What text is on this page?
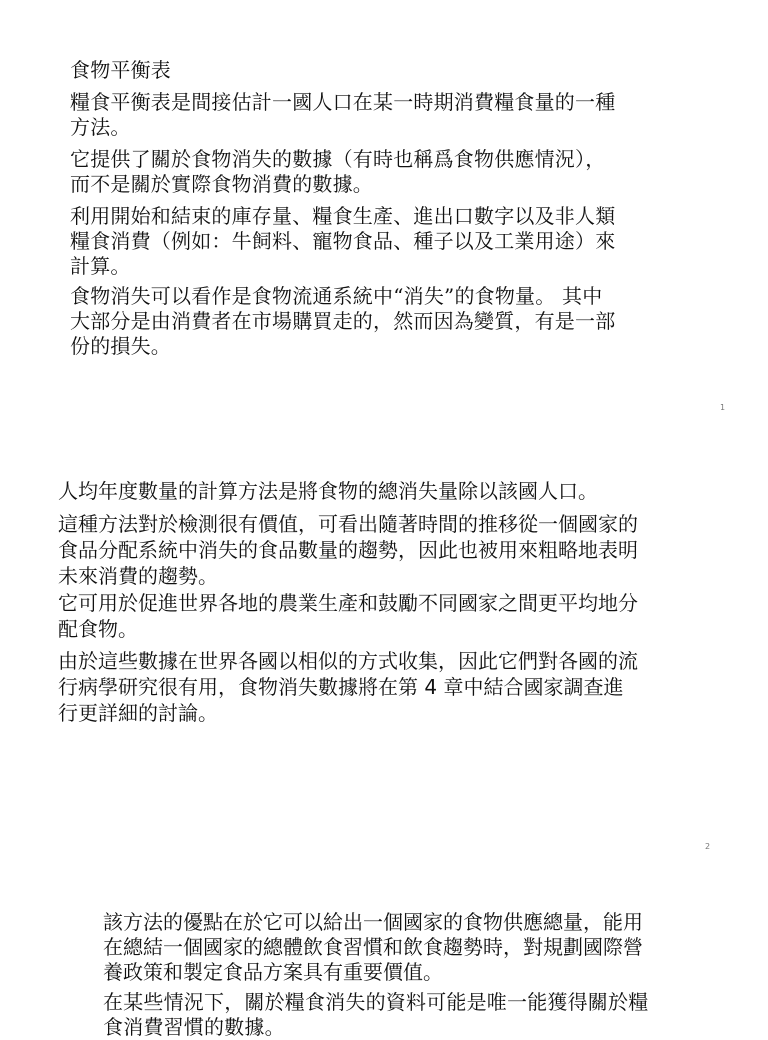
食物平衡表

糧食平衡表是間接估計一國人口在某一時期消費糧食量的一種
方法。

它提供了關於食物消失的數據（有時也稱爲食物供應情況），
而不是關於實際食物消費的數據。

利用開始和結束的庫存量、糧食生產、進出口數字以及非人類
糧食消費（例如：牛飼料、寵物食品、種子以及工業用途）來
計算。

食物消失可以看作是食物流通系統中“消失”的食物量。 其中
大部分是由消費者在市場購買走的，然而因為變質，有是一部
份的損失。

1

人均年度數量的計算方法是將食物的總消失量除以該國人口。

這種方法對於檢測很有價值，可看出隨著時間的推移從一個國家的
食品分配系統中消失的食品數量的趨勢，因此也被用來粗略地表明
未來消費的趨勢。

它可用於促進世界各地的農業生產和鼓勵不同國家之間更平均地分
配食物。

由於這些數據在世界各國以相似的方式收集，因此它們對各國的流
行病學研究很有用，食物消失數據將在第 4 章中結合國家調查進
行更詳細的討論。

2

該方法的優點在於它可以給出一個國家的食物供應總量，能用
在總結一個國家的總體飲食習慣和飲食趨勢時，對規劃國際營
養政策和製定食品方案具有重要價值。

在某些情況下，關於糧食消失的資料可能是唯一能獲得關於糧
食消費習慣的數據。
